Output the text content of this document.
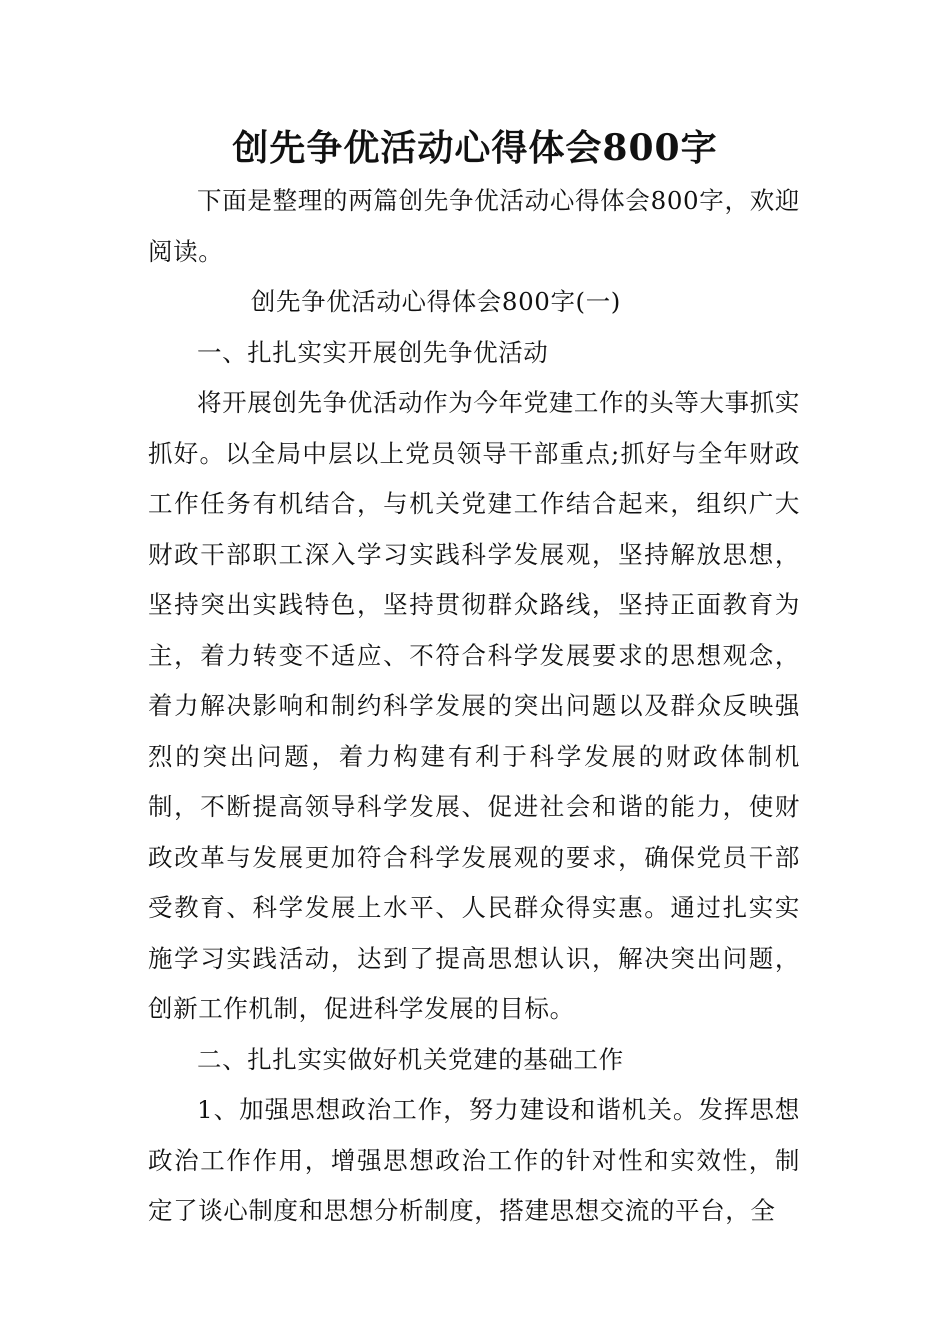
创先争优活动心得体会800字

下面是整理的两篇创先争优活动心得体会800字，欢迎阅读。

创先争优活动心得体会800字(一)

一、扎扎实实开展创先争优活动

将开展创先争优活动作为今年党建工作的头等大事抓实抓好。以全局中层以上党员领导干部重点;抓好与全年财政工作任务有机结合，与机关党建工作结合起来，组织广大财政干部职工深入学习实践科学发展观，坚持解放思想，坚持突出实践特色，坚持贯彻群众路线，坚持正面教育为主，着力转变不适应、不符合科学发展要求的思想观念，着力解决影响和制约科学发展的突出问题以及群众反映强烈的突出问题，着力构建有利于科学发展的财政体制机制，不断提高领导科学发展、促进社会和谐的能力，使财政改革与发展更加符合科学发展观的要求，确保党员干部受教育、科学发展上水平、人民群众得实惠。通过扎实实施学习实践活动，达到了提高思想认识，解决突出问题，创新工作机制，促进科学发展的目标。

二、扎扎实实做好机关党建的基础工作

1、加强思想政治工作，努力建设和谐机关。发挥思想政治工作作用，增强思想政治工作的针对性和实效性，制定了谈心制度和思想分析制度，搭建思想交流的平台，全
